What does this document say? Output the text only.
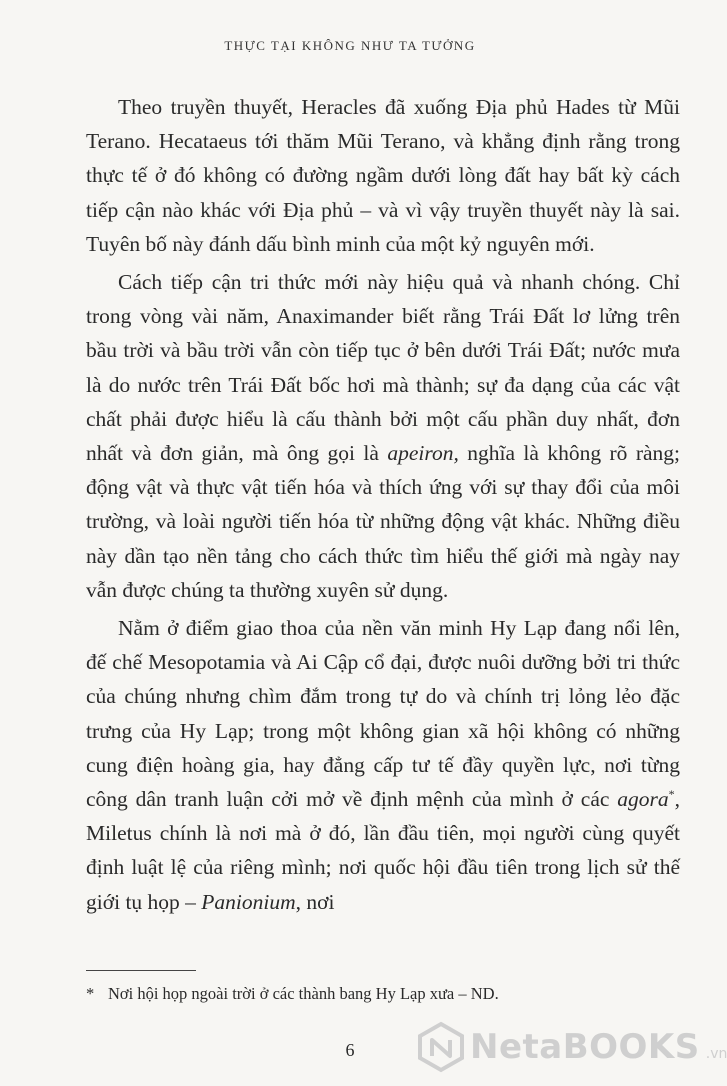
THỰC TẠI KHÔNG NHƯ TA TƯỞNG

Theo truyền thuyết, Heracles đã xuống Địa phủ Hades từ Mũi Terano. Hecataeus tới thăm Mũi Terano, và khẳng định rằng trong thực tế ở đó không có đường ngầm dưới lòng đất hay bất kỳ cách tiếp cận nào khác với Địa phủ – và vì vậy truyền thuyết này là sai. Tuyên bố này đánh dấu bình minh của một kỷ nguyên mới.

Cách tiếp cận tri thức mới này hiệu quả và nhanh chóng. Chỉ trong vòng vài năm, Anaximander biết rằng Trái Đất lơ lửng trên bầu trời và bầu trời vẫn còn tiếp tục ở bên dưới Trái Đất; nước mưa là do nước trên Trái Đất bốc hơi mà thành; sự đa dạng của các vật chất phải được hiểu là cấu thành bởi một cấu phần duy nhất, đơn nhất và đơn giản, mà ông gọi là apeiron, nghĩa là không rõ ràng; động vật và thực vật tiến hóa và thích ứng với sự thay đổi của môi trường, và loài người tiến hóa từ những động vật khác. Những điều này dần tạo nền tảng cho cách thức tìm hiểu thế giới mà ngày nay vẫn được chúng ta thường xuyên sử dụng.

Nằm ở điểm giao thoa của nền văn minh Hy Lạp đang nổi lên, đế chế Mesopotamia và Ai Cập cổ đại, được nuôi dưỡng bởi tri thức của chúng nhưng chìm đắm trong tự do và chính trị lỏng lẻo đặc trưng của Hy Lạp; trong một không gian xã hội không có những cung điện hoàng gia, hay đẳng cấp tư tế đầy quyền lực, nơi từng công dân tranh luận cởi mở về định mệnh của mình ở các agora*, Miletus chính là nơi mà ở đó, lần đầu tiên, mọi người cùng quyết định luật lệ của riêng mình; nơi quốc hội đầu tiên trong lịch sử thế giới tụ họp – Panionium, nơi

* Nơi hội họp ngoài trời ở các thành bang Hy Lạp xưa – ND.
6	NetaBOOKS .vn
